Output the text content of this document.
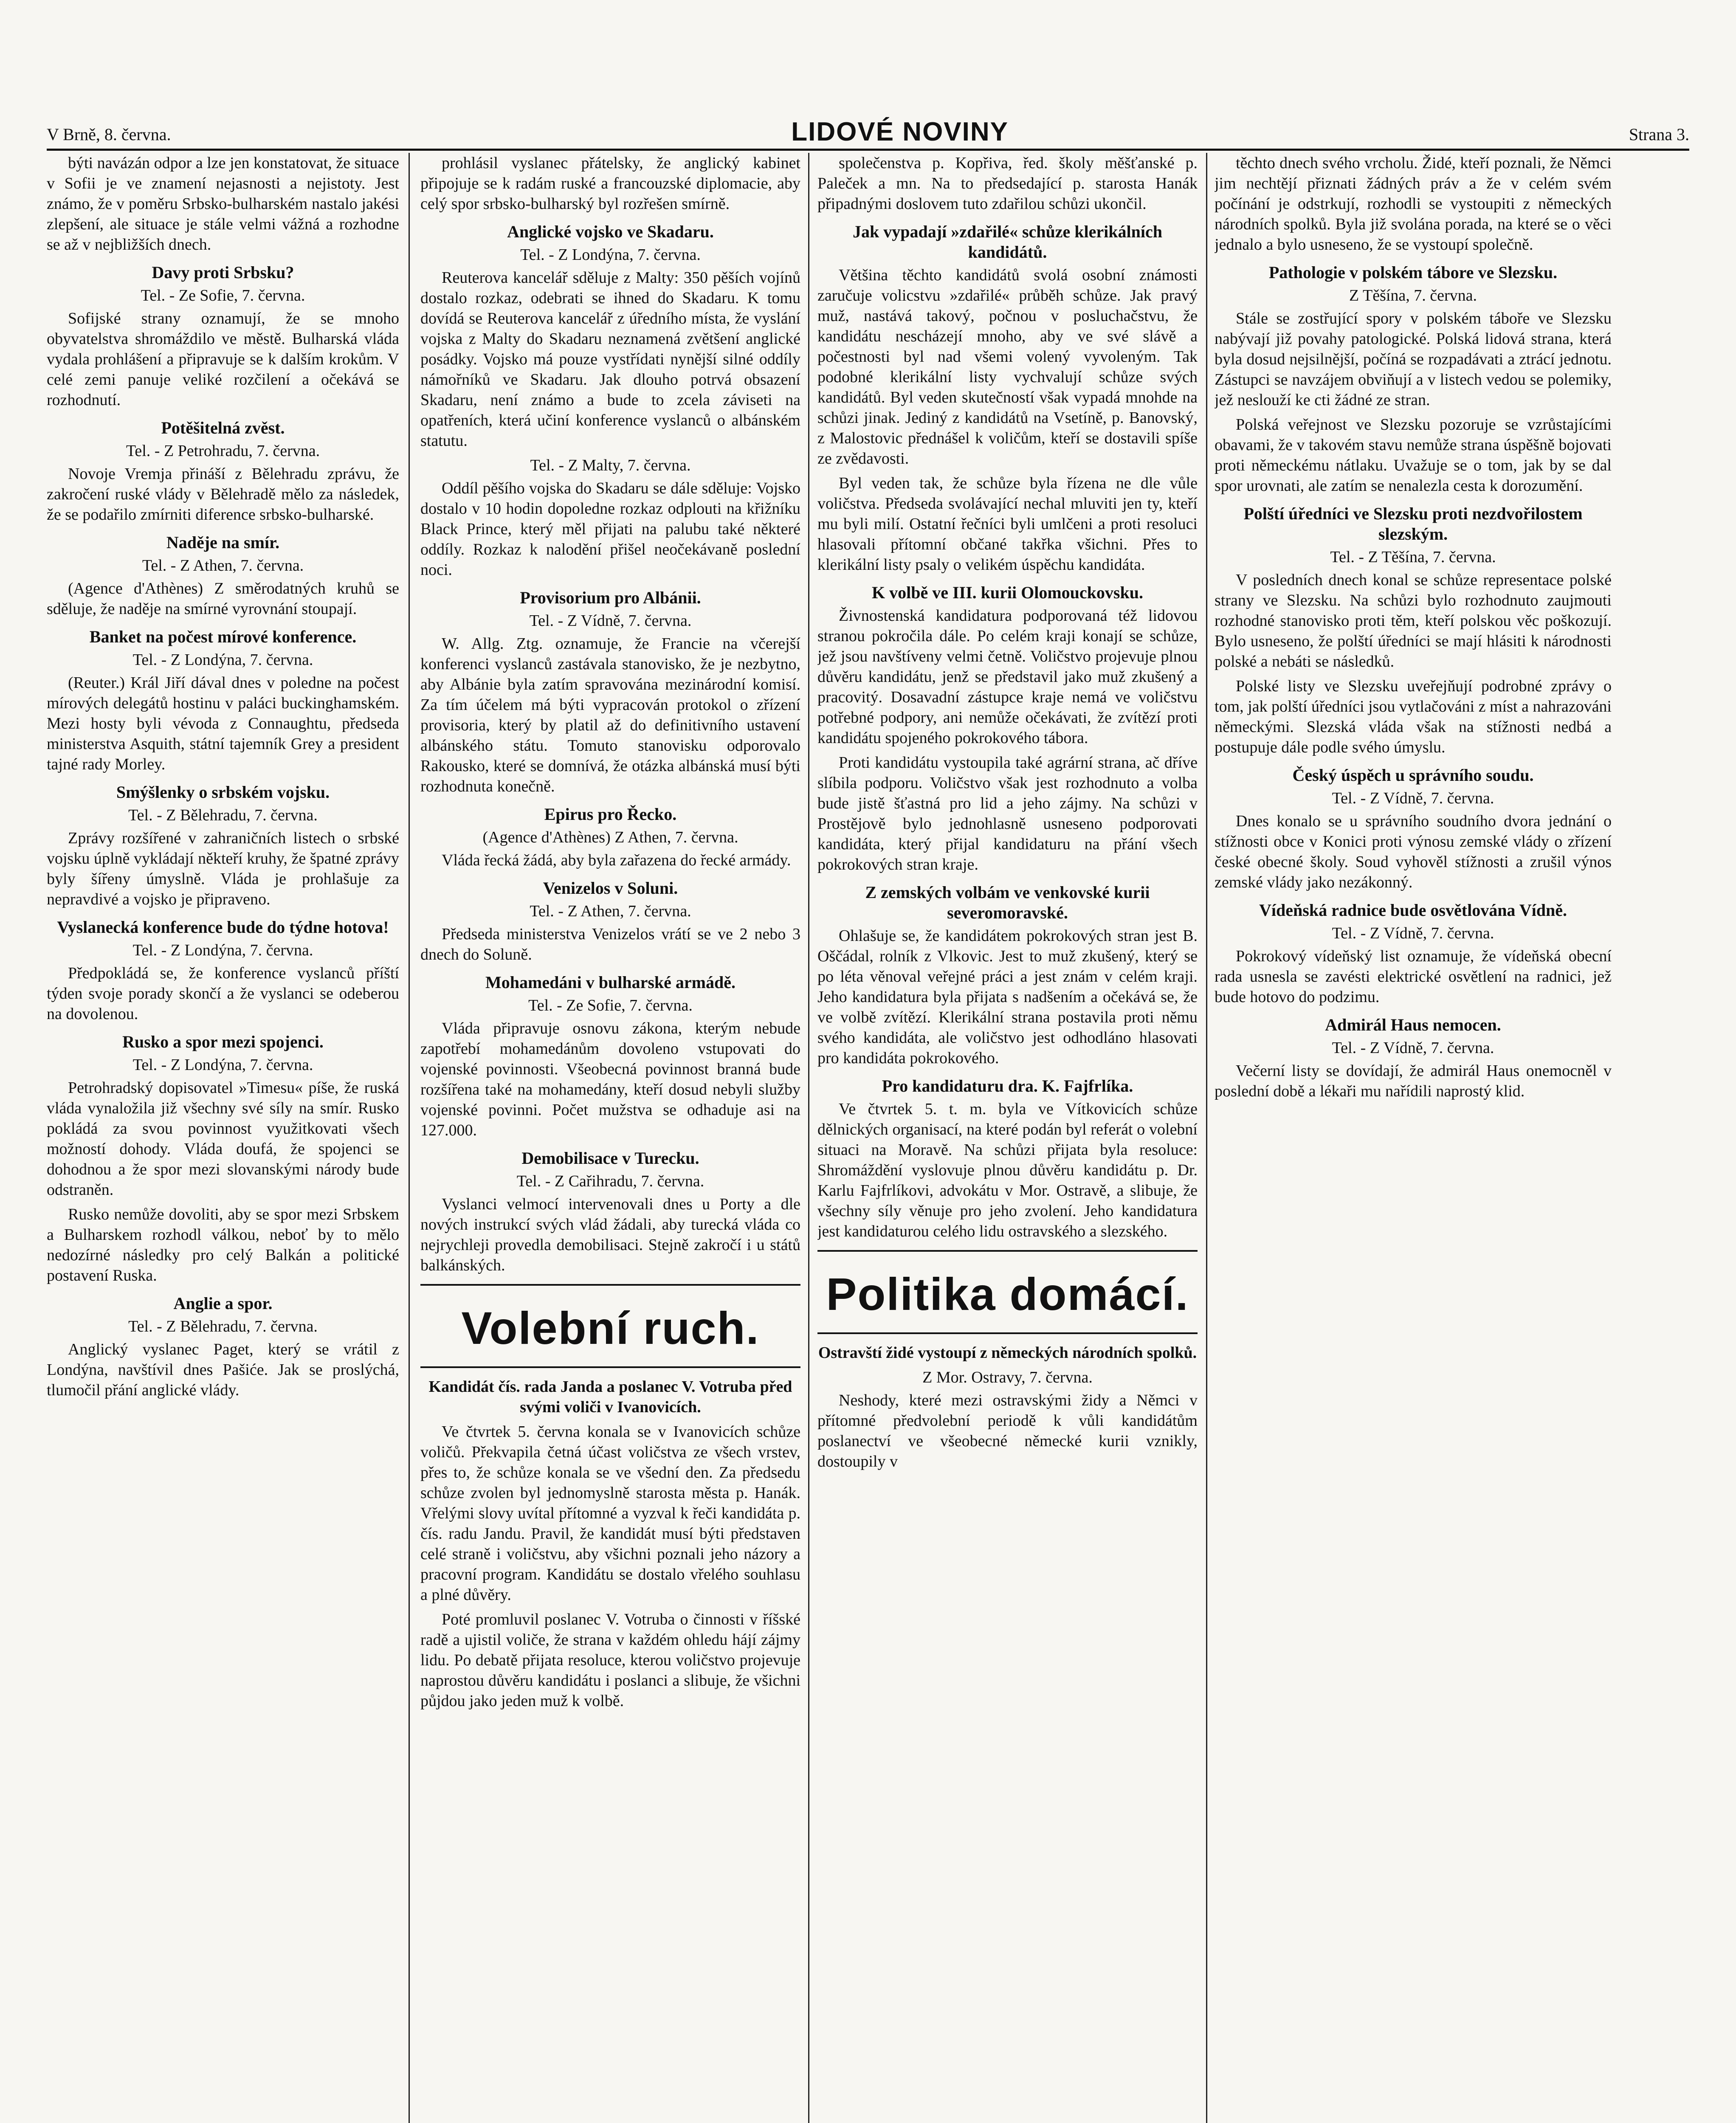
V Brně, 8. června.	LIDOVÉ NOVINY	Strana 3.

býti navázán odpor a lze jen konstatovat, že situace v Sofii je ve znamení nejasnosti a nejistoty. Jest známo, že v poměru Srbsko-bulharském nastalo jakési zlepšení, ale situace je stále velmi vážná a rozhodne se až v nejbližších dnech.

Davy proti Srbsku?
Tel. - Ze Sofie, 7. června.

Sofijské strany oznamují, že se mnoho obyvatelstva shromáždilo ve městě. Bulharská vláda vydala prohlášení a připravuje se k dalším krokům. V celé zemi panuje veliké rozčilení a očekává se rozhodnutí.

Potěšitelná zvěst.
Tel. - Z Petrohradu, 7. června.

Novoje Vremja přináší z Bělehradu zprávu, že zakročení ruské vlády v Bělehradě mělo za následek, že se podařilo zmírniti diference srbsko-bulharské.

Naděje na smír.
Tel. - Z Athen, 7. června.

(Agence d'Athènes) Z směrodatných kruhů se sděluje, že naděje na smírné vyrovnání stoupají.

Banket na počest mírové konference.
Tel. - Z Londýna, 7. června.

(Reuter.) Král Jiří dával dnes v poledne na počest mírových delegátů hostinu v paláci buckinghamském. Mezi hosty byli vévoda z Connaughtu, předseda ministerstva Asquith, státní tajemník Grey a president tajné rady Morley.

Smýšlenky o srbském vojsku.
Tel. - Z Bělehradu, 7. června.

Zprávy rozšířené v zahraničních listech o srbské vojsku úplně vykládají někteří kruhy, že špatné zprávy byly šířeny úmyslně. Vláda je prohlašuje za nepravdivé a vojsko je připraveno.

Vyslanecká konference bude do týdne hotova!
Tel. - Z Londýna, 7. června.

Předpokládá se, že konference vyslanců příští týden svoje porady skončí a že vyslanci se odeberou na dovolenou.

Rusko a spor mezi spojenci.
Tel. - Z Londýna, 7. června.

Petrohradský dopisovatel »Timesu« píše, že ruská vláda vynaložila již všechny své síly na smír. Rusko pokládá za svou povinnost využitkovati všech možností dohody. Vláda doufá, že spojenci se dohodnou a že spor mezi slovanskými národy bude odstraněn.

Rusko nemůže dovoliti, aby se spor mezi Srbskem a Bulharskem rozhodl válkou, neboť by to mělo nedozírné následky pro celý Balkán a politické postavení Ruska.

Anglie a spor.
Tel. - Z Bělehradu, 7. června.

Anglický vyslanec Paget, který se vrátil z Londýna, navštívil dnes Pašiće. Jak se proslýchá, tlumočil přání anglické vlády.

prohlásil vyslanec přátelsky, že anglický kabinet připojuje se k radám ruské a francouzské diplomacie, aby celý spor srbsko-bulharský byl rozřešen smírně.

Anglické vojsko ve Skadaru.
Tel. - Z Londýna, 7. června.

Reuterova kancelář sděluje z Malty: 350 pěších vojínů dostalo rozkaz, odebrati se ihned do Skadaru. K tomu dovídá se Reuterova kancelář z úředního místa, že vyslání vojska z Malty do Skadaru neznamená zvětšení anglické posádky. Vojsko má pouze vystřídati nynější silné oddíly námořníků ve Skadaru. Jak dlouho potrvá obsazení Skadaru, není známo a bude to zcela záviseti na opatřeních, která učiní konference vyslanců o albánském statutu.

Tel. - Z Malty, 7. června.

Oddíl pěšího vojska do Skadaru se dále sděluje: Vojsko dostalo v 10 hodin dopoledne rozkaz odplouti na křižníku Black Prince, který měl přijati na palubu také některé oddíly. Rozkaz k nalodění přišel neočekávaně poslední noci.

Provisorium pro Albánii.
Tel. - Z Vídně, 7. června.

W. Allg. Ztg. oznamuje, že Francie na včerejší konferenci vyslanců zastávala stanovisko, že je nezbytno, aby Albánie byla zatím spravována mezinárodní komisí. Za tím účelem má býti vypracován protokol o zřízení provisoria, který by platil až do definitivního ustavení albánského státu. Tomuto stanovisku odporovalo Rakousko, které se domnívá, že otázka albánská musí býti rozhodnuta konečně.

Epirus pro Řecko.
(Agence d'Athènes) Z Athen, 7. června.

Vláda řecká žádá, aby byla zařazena do řecké armády.

Venizelos v Soluni.
Tel. - Z Athen, 7. června.

Předseda ministerstva Venizelos vrátí se ve 2 nebo 3 dnech do Soluně.

Mohamedáni v bulharské armádě.
Tel. - Ze Sofie, 7. června.

Vláda připravuje osnovu zákona, kterým nebude zapotřebí mohamedánům dovoleno vstupovati do vojenské povinnosti. Všeobecná povinnost branná bude rozšířena také na mohamedány, kteří dosud nebyli služby vojenské povinni. Počet mužstva se odhaduje asi na 127.000.

Demobilisace v Turecku.
Tel. - Z Cařihradu, 7. června.

Vyslanci velmocí intervenovali dnes u Porty a dle nových instrukcí svých vlád žádali, aby turecká vláda co nejrychleji provedla demobilisaci. Stejně zakročí i u států balkánských.

Volební ruch.
Kandidát čís. rada Janda a poslanec V. Votruba před svými voliči v Ivanovicích.

Ve čtvrtek 5. června konala se v Ivanovicích schůze voličů. Překvapila četná účast voličstva ze všech vrstev, přes to, že schůze konala se ve všední den. Za předsedu schůze zvolen byl jednomyslně starosta města p. Hanák. Vřelými slovy uvítal přítomné a vyzval k řeči kandidáta p. čís. radu Jandu. Pravil, že kandidát musí býti představen celé straně i voličstvu, aby všichni poznali jeho názory a pracovní program. Kandidátu se dostalo vřelého souhlasu a plné důvěry.

Poté promluvil poslanec V. Votruba o činnosti v říšské radě a ujistil voliče, že strana v každém ohledu hájí zájmy lidu. Po debatě přijata resoluce, kterou voličstvo projevuje naprostou důvěru kandidátu i poslanci a slibuje, že všichni půjdou jako jeden muž k volbě.

společenstva p. Kopřiva, řed. školy měšťanské p. Paleček a mn. Na to předsedající p. starosta Hanák připadnými doslovem tuto zdařilou schůzi ukončil.

Jak vypadají »zdařilé« schůze klerikálních kandidátů.

Většina těchto kandidátů svolá osobní známosti zaručuje volicstvu »zdařilé« průběh schůze. Jak pravý muž, nastává takový, počnou v posluchačstvu, že kandidátu nescházejí mnoho, aby ve své slávě a počestnosti byl nad všemi volený vyvoleným. Tak podobné klerikální listy vychvalují schůze svých kandidátů. Byl veden skutečností však vypadá mnohde na schůzi jinak. Jediný z kandidátů na Vsetíně, p. Banovský, z Malostovic přednášel k voličům, kteří se dostavili spíše ze zvědavosti.

Byl veden tak, že schůze byla řízena ne dle vůle voličstva. Předseda svolávající nechal mluviti jen ty, kteří mu byli milí. Ostatní řečníci byli umlčeni a proti resoluci hlasovali přítomní občané takřka všichni. Přes to klerikální listy psaly o velikém úspěchu kandidáta.

K volbě ve III. kurii Olomouckovsku.

Živnostenská kandidatura podporovaná též lidovou stranou pokročila dále. Po celém kraji konají se schůze, jež jsou navštíveny velmi četně. Voličstvo projevuje plnou důvěru kandidátu, jenž se představil jako muž zkušený a pracovitý. Dosavadní zástupce kraje nemá ve voličstvu potřebné podpory, ani nemůže očekávati, že zvítězí proti kandidátu spojeného pokrokového tábora.

Proti kandidátu vystoupila také agrární strana, ač dříve slíbila podporu. Voličstvo však jest rozhodnuto a volba bude jistě šťastná pro lid a jeho zájmy. Na schůzi v Prostějově bylo jednohlasně usneseno podporovati kandidáta, který přijal kandidaturu na přání všech pokrokových stran kraje.

Z zemských volbám ve venkovské kurii severomoravské.

Ohlašuje se, že kandidátem pokrokových stran jest B. Oščádal, rolník z Vlkovic. Jest to muž zkušený, který se po léta věnoval veřejné práci a jest znám v celém kraji. Jeho kandidatura byla přijata s nadšením a očekává se, že ve volbě zvítězí. Klerikální strana postavila proti němu svého kandidáta, ale voličstvo jest odhodláno hlasovati pro kandidáta pokrokového.

Pro kandidaturu dra. K. Fajfrlíka.

Ve čtvrtek 5. t. m. byla ve Vítkovicích schůze dělnických organisací, na které podán byl referát o volební situaci na Moravě. Na schůzi přijata byla resoluce: Shromáždění vyslovuje plnou důvěru kandidátu p. Dr. Karlu Fajfrlíkovi, advokátu v Mor. Ostravě, a slibuje, že všechny síly věnuje pro jeho zvolení. Jeho kandidatura jest kandidaturou celého lidu ostravského a slezského.

Politika domácí.
Ostravští židé vystoupí z německých národních spolků.
Z Mor. Ostravy, 7. června.

Neshody, které mezi ostravskými židy a Němci v přítomné předvolební periodě k vůli kandidátům poslanectví ve všeobecné německé kurii vznikly, dostoupily v

těchto dnech svého vrcholu. Židé, kteří poznali, že Němci jim nechtějí přiznati žádných práv a že v celém svém počínání je odstrkují, rozhodli se vystoupiti z německých národních spolků. Byla již svolána porada, na které se o věci jednalo a bylo usneseno, že se vystoupí společně.

Pathologie v polském tábore ve Slezsku.
Z Těšína, 7. června.

Stále se zostřující spory v polském táboře ve Slezsku nabývají již povahy patologické. Polská lidová strana, která byla dosud nejsilnější, počíná se rozpadávati a ztrácí jednotu. Zástupci se navzájem obviňují a v listech vedou se polemiky, jež neslouží ke cti žádné ze stran.

Polská veřejnost ve Slezsku pozoruje se vzrůstajícími obavami, že v takovém stavu nemůže strana úspěšně bojovati proti německému nátlaku. Uvažuje se o tom, jak by se dal spor urovnati, ale zatím se nenalezla cesta k dorozumění.

Polští úředníci ve Slezsku proti nezdvořilostem slezským.
Tel. - Z Těšína, 7. června.

V posledních dnech konal se schůze representace polské strany ve Slezsku. Na schůzi bylo rozhodnuto zaujmouti rozhodné stanovisko proti těm, kteří polskou věc poškozují. Bylo usneseno, že polští úředníci se mají hlásiti k národnosti polské a nebáti se následků.

Polské listy ve Slezsku uveřejňují podrobné zprávy o tom, jak polští úředníci jsou vytlačováni z míst a nahrazováni německými. Slezská vláda však na stížnosti nedbá a postupuje dále podle svého úmyslu.

Český úspěch u správního soudu.
Tel. - Z Vídně, 7. června.

Dnes konalo se u správního soudního dvora jednání o stížnosti obce v Konici proti výnosu zemské vlády o zřízení české obecné školy. Soud vyhověl stížnosti a zrušil výnos zemské vlády jako nezákonný.

Vídeňská radnice bude osvětlována Vídně.
Tel. - Z Vídně, 7. června.

Pokrokový vídeňský list oznamuje, že vídeňská obecní rada usnesla se zavésti elektrické osvětlení na radnici, jež bude hotovo do podzimu.

Admirál Haus nemocen.
Tel. - Z Vídně, 7. června.

Večerní listy se dovídají, že admirál Haus onemocněl v poslední době a lékaři mu nařídili naprostý klid.
